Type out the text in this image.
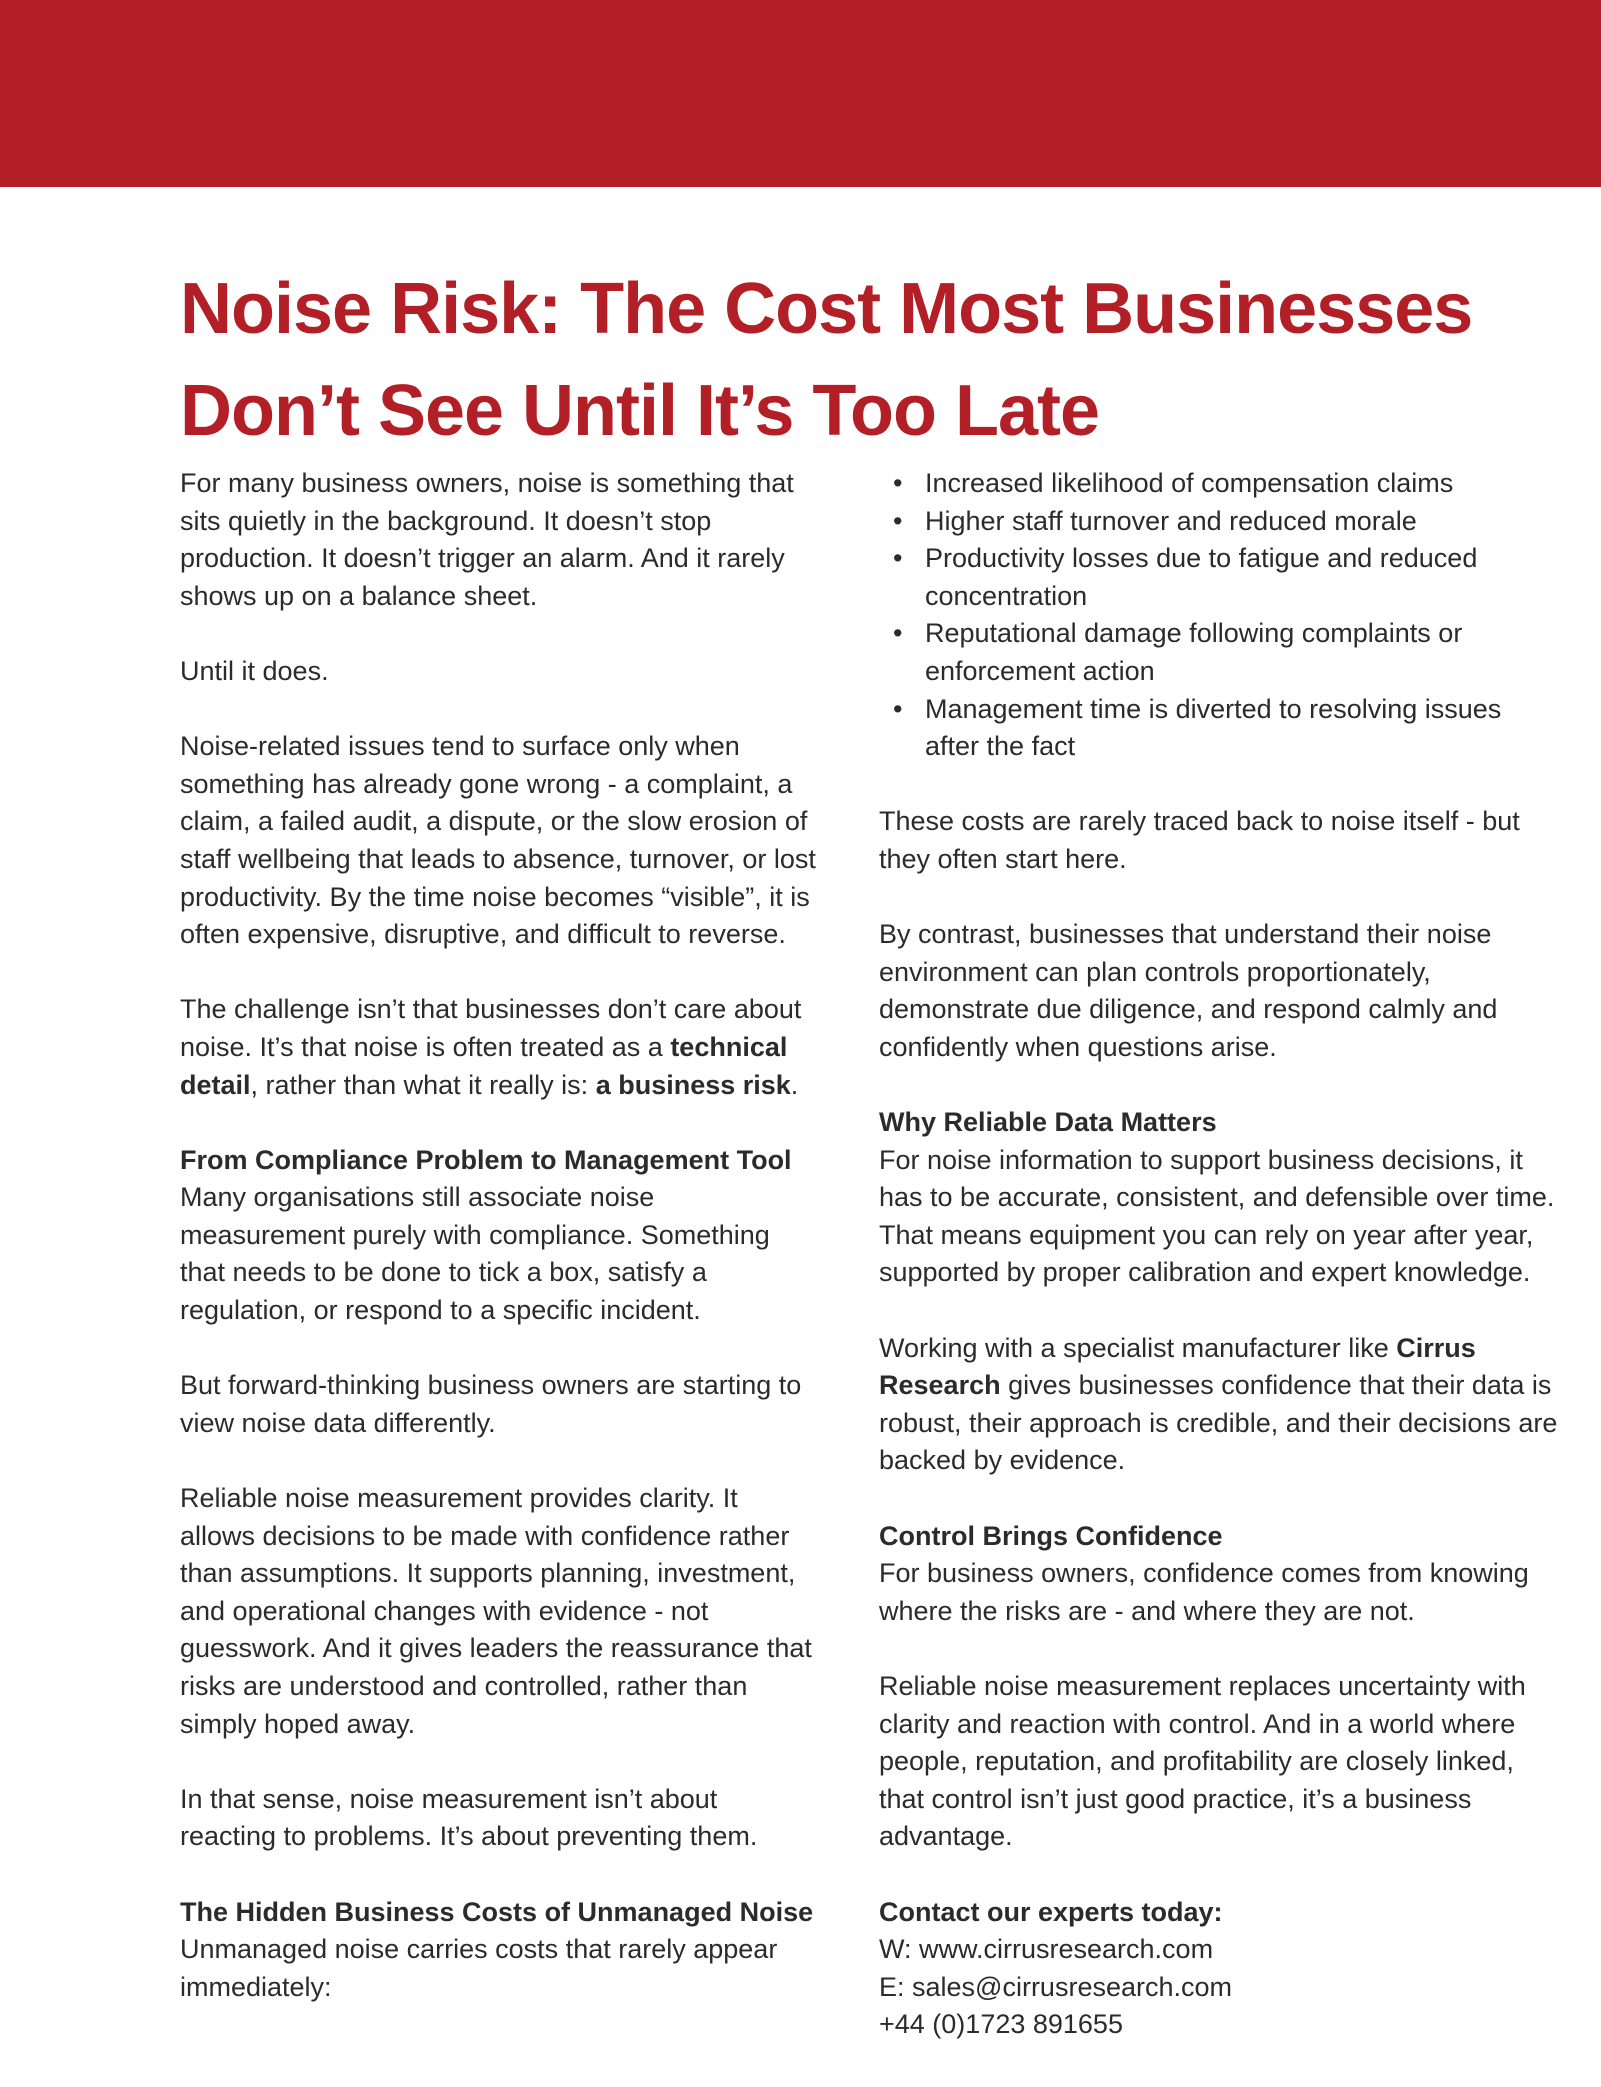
Noise Risk: The Cost Most Businesses
Don’t See Until It’s Too Late

For many business owners, noise is something that sits quietly in the background. It doesn’t stop production. It doesn’t trigger an alarm. And it rarely shows up on a balance sheet.

Until it does.

Noise-related issues tend to surface only when something has already gone wrong - a complaint, a claim, a failed audit, a dispute, or the slow erosion of staff wellbeing that leads to absence, turnover, or lost productivity. By the time noise becomes “visible”, it is often expensive, disruptive, and difficult to reverse.

The challenge isn’t that businesses don’t care about noise. It’s that noise is often treated as a technical detail, rather than what it really is: a business risk.

From Compliance Problem to Management Tool
Many organisations still associate noise measurement purely with compliance. Something that needs to be done to tick a box, satisfy a regulation, or respond to a specific incident.

But forward-thinking business owners are starting to view noise data differently.

Reliable noise measurement provides clarity. It allows decisions to be made with confidence rather than assumptions. It supports planning, investment, and operational changes with evidence - not guesswork. And it gives leaders the reassurance that risks are understood and controlled, rather than simply hoped away.

In that sense, noise measurement isn’t about reacting to problems. It’s about preventing them.

The Hidden Business Costs of Unmanaged Noise
Unmanaged noise carries costs that rarely appear immediately:

• Increased likelihood of compensation claims
• Higher staff turnover and reduced morale
• Productivity losses due to fatigue and reduced concentration
• Reputational damage following complaints or enforcement action
• Management time is diverted to resolving issues after the fact

These costs are rarely traced back to noise itself - but they often start here.

By contrast, businesses that understand their noise environment can plan controls proportionately, demonstrate due diligence, and respond calmly and confidently when questions arise.

Why Reliable Data Matters
For noise information to support business decisions, it has to be accurate, consistent, and defensible over time. That means equipment you can rely on year after year, supported by proper calibration and expert knowledge.

Working with a specialist manufacturer like Cirrus Research gives businesses confidence that their data is robust, their approach is credible, and their decisions are backed by evidence.

Control Brings Confidence
For business owners, confidence comes from knowing where the risks are - and where they are not.

Reliable noise measurement replaces uncertainty with clarity and reaction with control. And in a world where people, reputation, and profitability are closely linked, that control isn’t just good practice, it’s a business advantage.

Contact our experts today:
W: www.cirrusresearch.com
E: sales@cirrusresearch.com
+44 (0)1723 891655
